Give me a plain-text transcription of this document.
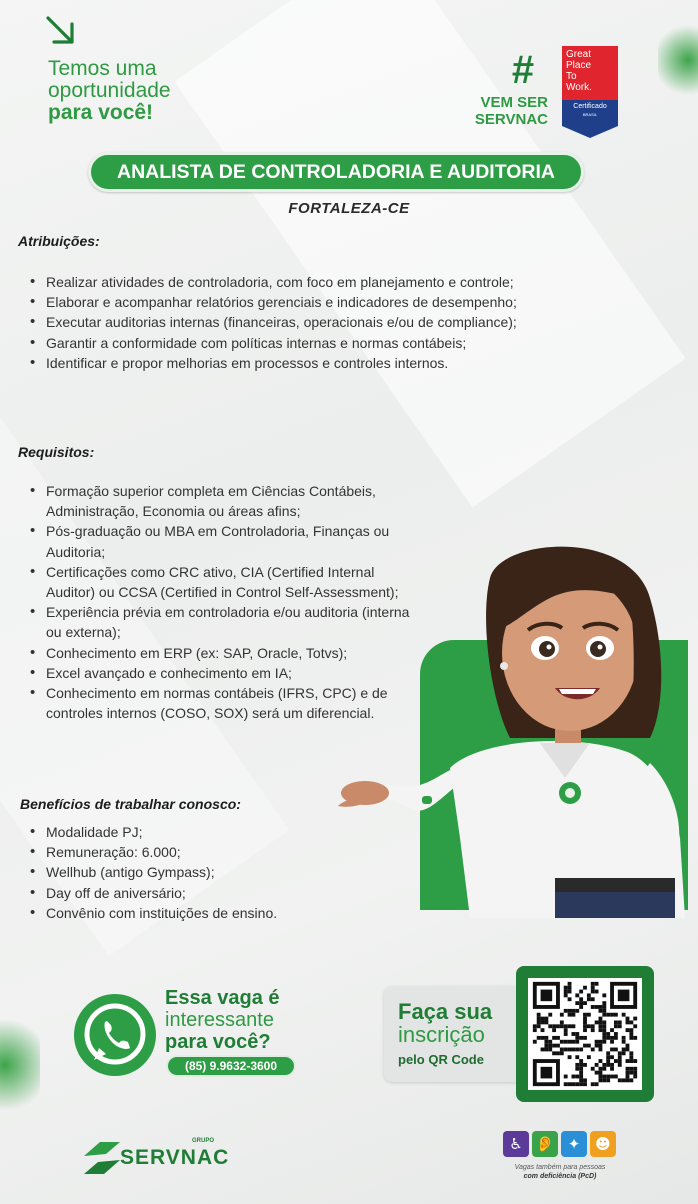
Temos uma
oportunidade
para você!
#
VEM SER
SERVNAC
Great
Place
To
Work.
Certificado
BRASIL
ANALISTA DE CONTROLADORIA E AUDITORIA
FORTALEZA-CE
Atribuições:
• Realizar atividades de controladoria, com foco em planejamento e controle;
• Elaborar e acompanhar relatórios gerenciais e indicadores de desempenho;
• Executar auditorias internas (financeiras, operacionais e/ou de compliance);
• Garantir a conformidade com políticas internas e normas contábeis;
• Identificar e propor melhorias em processos e controles internos.
Requisitos:
• Formação superior completa em Ciências Contábeis, Administração, Economia ou áreas afins;
• Pós-graduação ou MBA em Controladoria, Finanças ou Auditoria;
• Certificações como CRC ativo, CIA (Certified Internal Auditor) ou CCSA (Certified in Control Self-Assessment);
• Experiência prévia em controladoria e/ou auditoria (interna ou externa);
• Conhecimento em ERP (ex: SAP, Oracle, Totvs);
• Excel avançado e conhecimento em IA;
• Conhecimento em normas contábeis (IFRS, CPC) e de controles internos (COSO, SOX) será um diferencial.
Benefícios de trabalhar conosco:
• Modalidade PJ;
• Remuneração: 6.000;
• Wellhub (antigo Gympass);
• Day off de aniversário;
• Convênio com instituições de ensino.
Essa vaga é
interessante
para você?
(85) 9.9632-3600
Faça sua
inscrição
pelo QR Code
SERVNAC
GRUPO	♿ 👂 ✦ ☻
Vagas também para pessoas
com deficiência (PcD)
